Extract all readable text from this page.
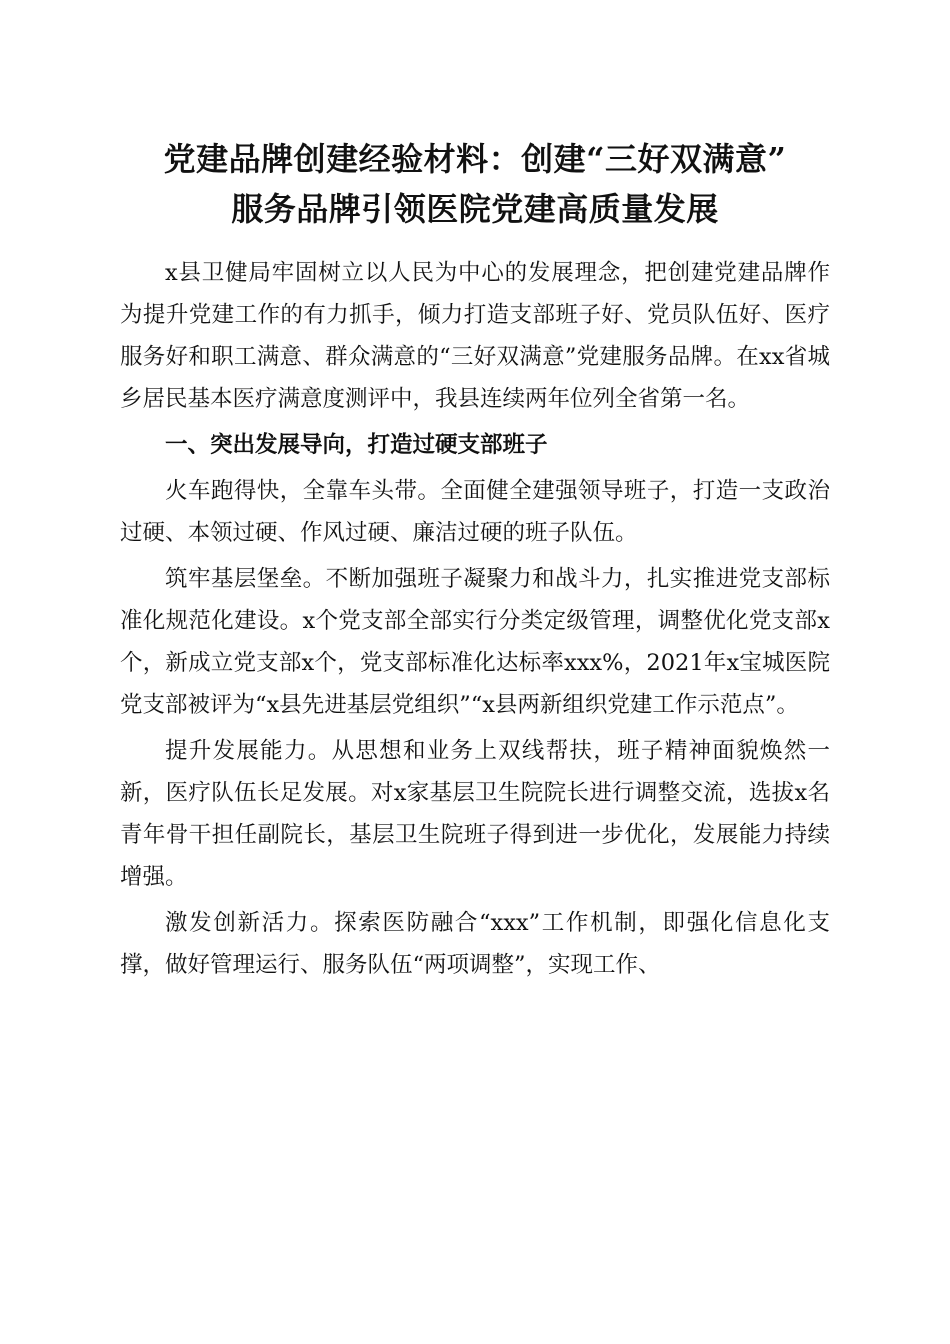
党建品牌创建经验材料：创建“三好双满意”
服务品牌引领医院党建高质量发展

x县卫健局牢固树立以人民为中心的发展理念，把创建党建品牌作为提升党建工作的有力抓手，倾力打造支部班子好、党员队伍好、医疗服务好和职工满意、群众满意的“三好双满意”党建服务品牌。在xx省城乡居民基本医疗满意度测评中，我县连续两年位列全省第一名。

一、突出发展导向，打造过硬支部班子

火车跑得快，全靠车头带。全面健全建强领导班子，打造一支政治过硬、本领过硬、作风过硬、廉洁过硬的班子队伍。

筑牢基层堡垒。不断加强班子凝聚力和战斗力，扎实推进党支部标准化规范化建设。x个党支部全部实行分类定级管理，调整优化党支部x个，新成立党支部x个，党支部标准化达标率xxx%，2021年x宝城医院党支部被评为“x县先进基层党组织”“x县两新组织党建工作示范点”。

提升发展能力。从思想和业务上双线帮扶，班子精神面貌焕然一新，医疗队伍长足发展。对x家基层卫生院院长进行调整交流，选拔x名青年骨干担任副院长，基层卫生院班子得到进一步优化，发展能力持续增强。

激发创新活力。探索医防融合“xxx”工作机制，即强化信息化支撑，做好管理运行、服务队伍“两项调整”，实现工作、
